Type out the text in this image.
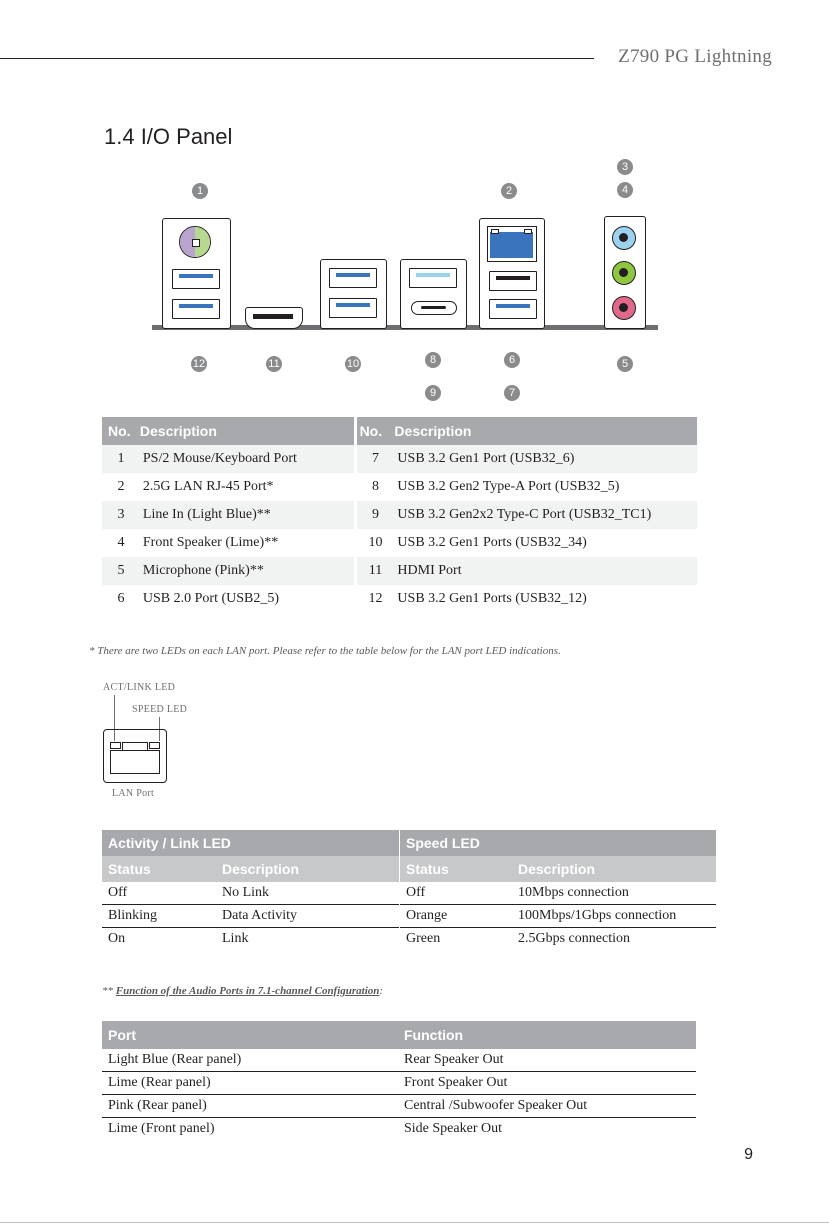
Z790 PG Lightning
1.4 I/O Panel
1	2
3
4
12	11	10	8	6	5
9	7
No.	Description		No.	Description
1	PS/2 Mouse/Keyboard Port		7	USB 3.2 Gen1 Port (USB32_6)
2	2.5G LAN RJ-45 Port*		8	USB 3.2 Gen2 Type-A Port (USB32_5)
3	Line In (Light Blue)**		9	USB 3.2 Gen2x2 Type-C Port (USB32_TC1)
4	Front Speaker (Lime)**		10	USB 3.2 Gen1 Ports (USB32_34)
5	Microphone (Pink)**		11	HDMI Port
6	USB 2.0 Port (USB2_5)		12	USB 3.2 Gen1 Ports (USB32_12)
* There are two LEDs on each LAN port. Please refer to the table below for the LAN port LED indications.
ACT/LINK LED
SPEED LED
LAN Port
Activity / Link LED	
Status	Description
Off	No Link
Blinking	Data Activity
On	Link
Speed LED	
Status	Description
Off	10Mbps connection
Orange	100Mbps/1Gbps connection
Green	2.5Gbps connection
** Function of the Audio Ports in 7.1-channel Configuration:
Port	Function
Light Blue (Rear panel)	Rear Speaker Out
Lime (Rear panel)	Front Speaker Out
Pink (Rear panel)	Central /Subwoofer Speaker Out
Lime (Front panel)	Side Speaker Out
9
